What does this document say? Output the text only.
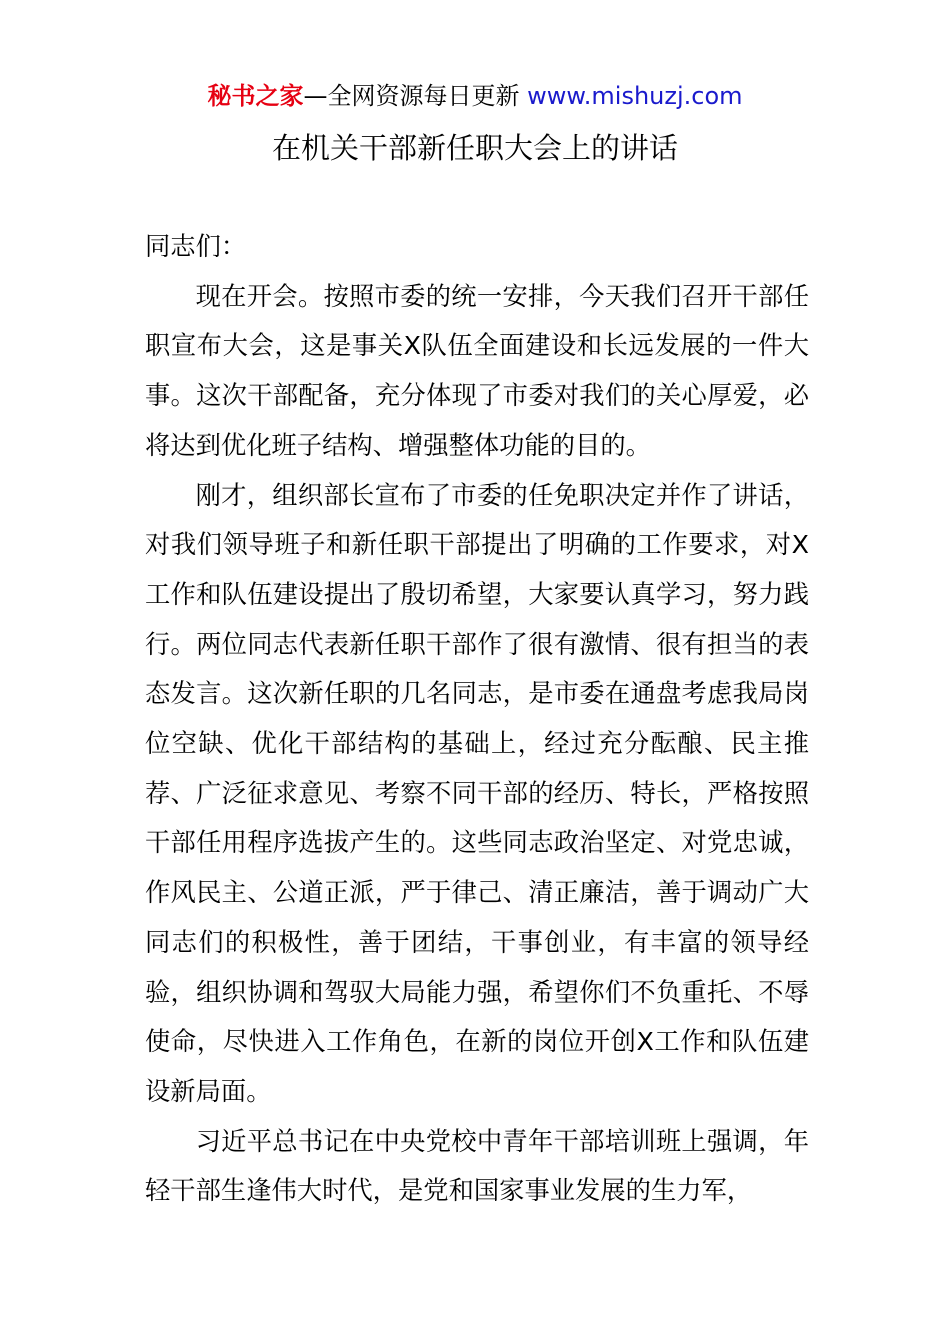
秘书之家—全网资源每日更新 www.mishuzj.com
在机关干部新任职大会上的讲话

同志们：

现在开会。按照市委的统一安排，今天我们召开干部任职宣布大会，这是事关X队伍全面建设和长远发展的一件大事。这次干部配备，充分体现了市委对我们的关心厚爱，必将达到优化班子结构、增强整体功能的目的。

刚才，组织部长宣布了市委的任免职决定并作了讲话，对我们领导班子和新任职干部提出了明确的工作要求，对X工作和队伍建设提出了殷切希望，大家要认真学习，努力践行。两位同志代表新任职干部作了很有激情、很有担当的表态发言。这次新任职的几名同志，是市委在通盘考虑我局岗位空缺、优化干部结构的基础上，经过充分酝酿、民主推荐、广泛征求意见、考察不同干部的经历、特长，严格按照干部任用程序选拔产生的。这些同志政治坚定、对党忠诚，作风民主、公道正派，严于律己、清正廉洁，善于调动广大同志们的积极性，善于团结，干事创业，有丰富的领导经验，组织协调和驾驭大局能力强，希望你们不负重托、不辱使命，尽快进入工作角色，在新的岗位开创X工作和队伍建设新局面。

习近平总书记在中央党校中青年干部培训班上强调，年轻干部生逢伟大时代，是党和国家事业发展的生力军，
